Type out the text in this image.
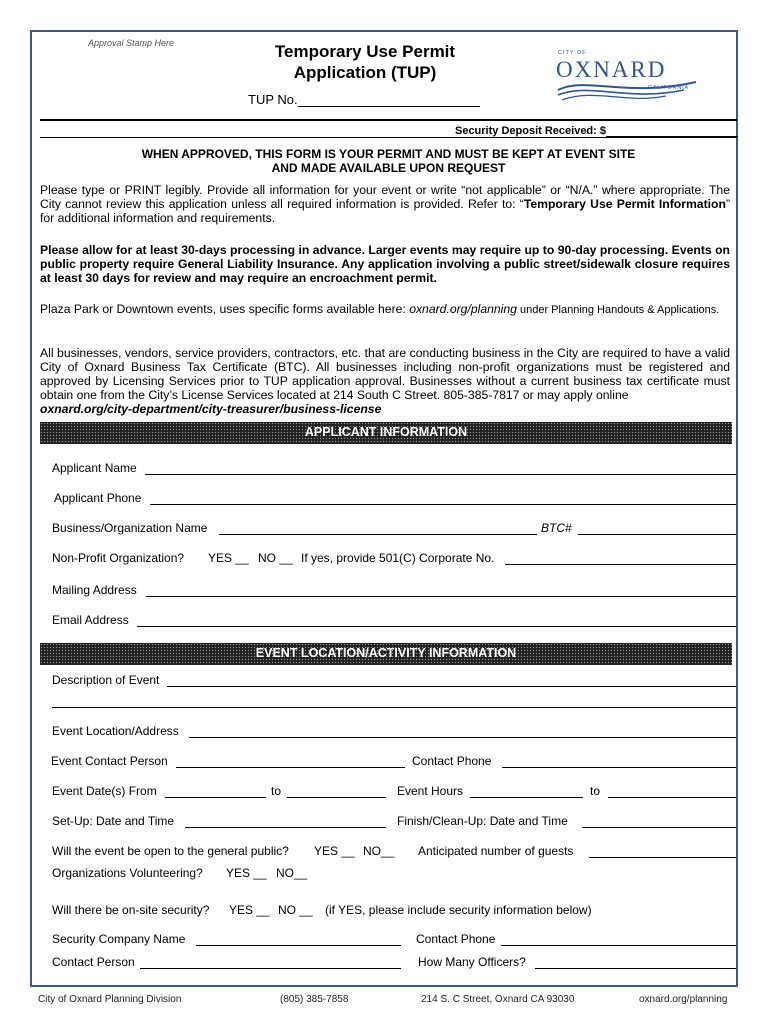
Approval Stamp Here	Temporary Use Permit
Application (TUP)
TUP No.
CITY OF
OXNARD
CALIFORNIA
Security Deposit Received: $
WHEN APPROVED, THIS FORM IS YOUR PERMIT AND MUST BE KEPT AT EVENT SITE
AND MADE AVAILABLE UPON REQUEST
Please type or PRINT legibly. Provide all information for your event or write “not applicable” or “N/A.” where appropriate. The City cannot review this application unless all required information is provided. Refer to: “Temporary Use Permit Information” for additional information and requirements.
Please allow for at least 30-days processing in advance. Larger events may require up to 90-day processing. Events on public property require General Liability Insurance. Any application involving a public street/sidewalk closure requires at least 30 days for review and may require an encroachment permit.
Plaza Park or Downtown events, uses specific forms available here: oxnard.org/planning under Planning Handouts & Applications.
All businesses, vendors, service providers, contractors, etc. that are conducting business in the City are required to have a valid City of Oxnard Business Tax Certificate (BTC). All businesses including non-profit organizations must be registered and approved by Licensing Services prior to TUP application approval. Businesses without a current business tax certificate must obtain one from the City’s License Services located at 214 South C Street. 805-385-7817 or may apply online
oxnard.org/city-department/city-treasurer/business-license
APPLICANT INFORMATION
Applicant Name
Applicant Phone
Business/Organization Name	BTC#
Non-Profit Organization? YES __ NO __ If yes, provide 501(C) Corporate No.
Mailing Address
Email Address
EVENT LOCATION/ACTIVITY INFORMATION
Description of Event
Event Location/Address
Event Contact Person	Contact Phone
Event Date(s) From	to	Event Hours	to
Set-Up: Date and Time	Finish/Clean-Up: Date and Time
Will the event be open to the general public? YES __ NO__ Anticipated number of guests
Organizations Volunteering? YES __ NO__
Will there be on-site security? YES __ NO __ (if YES, please include security information below)
Security Company Name	Contact Phone
Contact Person	How Many Officers?
City of Oxnard Planning Division	(805) 385-7858	214 S. C Street, Oxnard CA 93030	oxnard.org/planning
